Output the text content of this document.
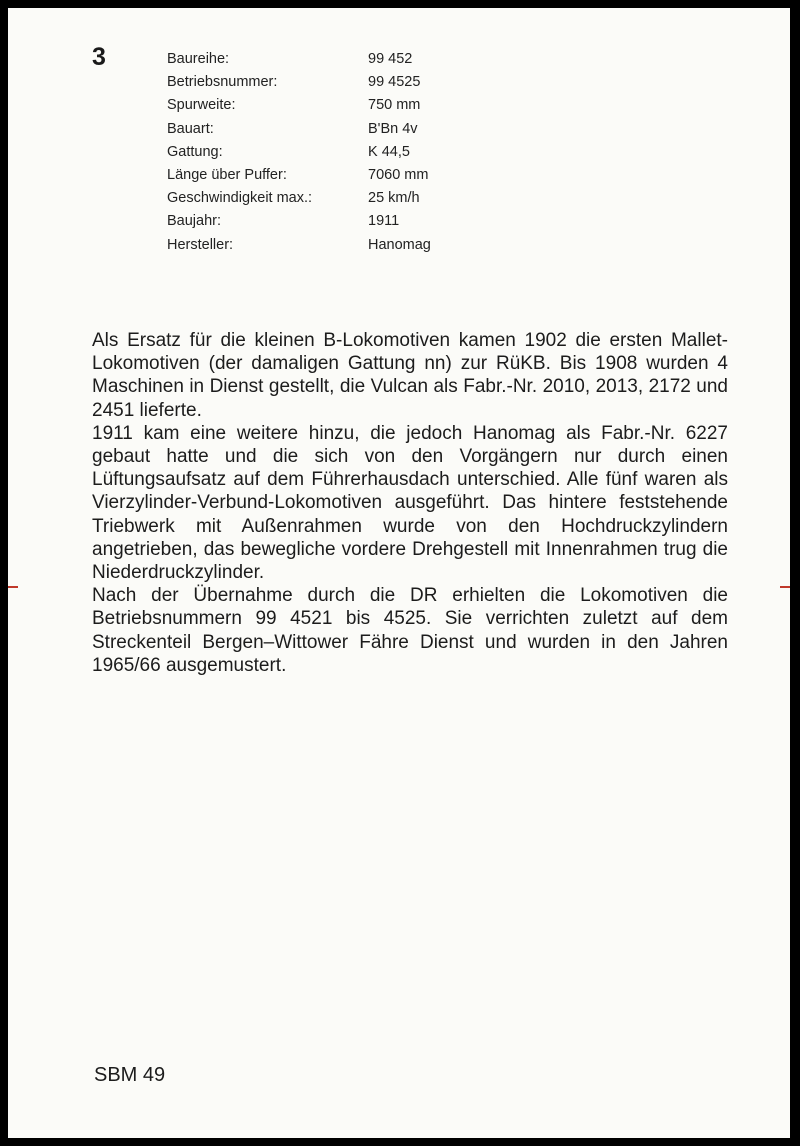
3	Baureihe:	99 452
Betriebsnummer:	99 4525
Spurweite:	750 mm
Bauart:	B'Bn 4v
Gattung:	K 44,5
Länge über Puffer:	7060 mm
Geschwindigkeit max.:	25 km/h
Baujahr:	1911
Hersteller:	Hanomag

Als Ersatz für die kleinen B-Lokomotiven kamen 1902 die ersten Mallet-Lokomotiven (der damaligen Gattung nn) zur RüKB. Bis 1908 wurden 4 Maschinen in Dienst gestellt, die Vulcan als Fabr.-Nr. 2010, 2013, 2172 und 2451 lieferte.

1911 kam eine weitere hinzu, die jedoch Hanomag als Fabr.-Nr. 6227 gebaut hatte und die sich von den Vorgängern nur durch einen Lüftungsaufsatz auf dem Führerhausdach unterschied. Alle fünf waren als Vierzylinder-Verbund-Lokomotiven ausgeführt. Das hintere feststehende Triebwerk mit Außenrahmen wurde von den Hochdruckzylindern angetrieben, das bewegliche vordere Drehgestell mit Innenrahmen trug die Niederdruckzylinder.

Nach der Übernahme durch die DR erhielten die Lokomotiven die Betriebsnummern 99 4521 bis 4525. Sie verrichten zuletzt auf dem Streckenteil Bergen–Wittower Fähre Dienst und wurden in den Jahren 1965/66 ausgemustert.

SBM 49
